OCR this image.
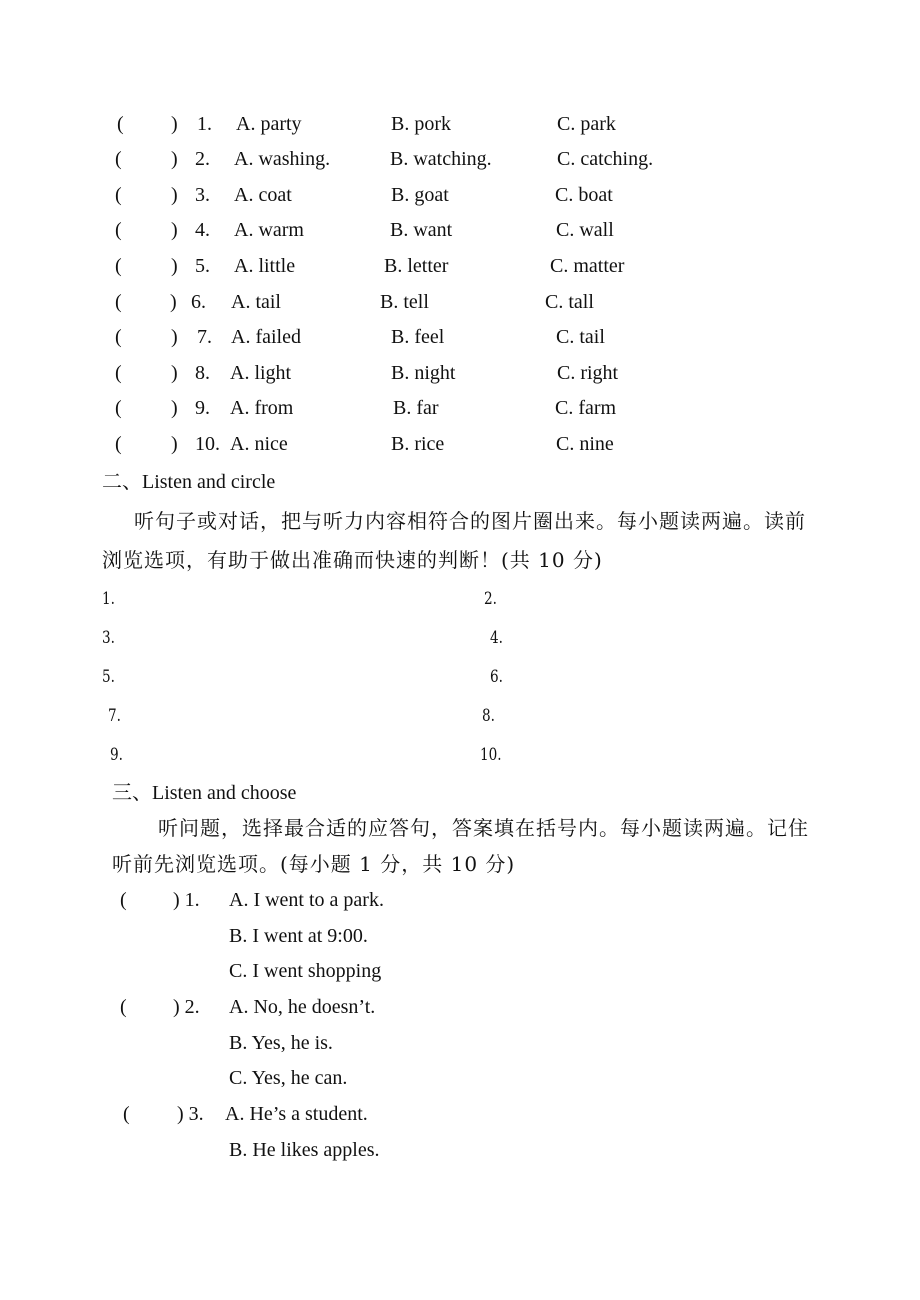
( ) 1. A. party	B. pork	C. park
( ) 2. A. washing.	B. watching.	C. catching.
( ) 3. A. coat	B. goat	C. boat
( ) 4. A. warm	B. want	C. wall
( ) 5. A. little	B. letter	C. matter
( ) 6. A. tail	B. tell	C. tall
( ) 7. A. failed	B. feel	C. tail
( ) 8. A. light	B. night	C. right
( ) 9. A. from	B. far	C. farm
( ) 10. A. nice	B. rice	C. nine
二、Listen and circle
听句子或对话，把与听力内容相符合的图片圈出来。每小题读两遍。读前
浏览选项，有助于做出准确而快速的判断！(共 10 分)
1.	2.
3.	4.
5.	6.
7.	8.
9.	10.
三、Listen and choose
听问题，选择最合适的应答句，答案填在括号内。每小题读两遍。记住
听前先浏览选项。(每小题 1 分，共 10 分)
( ) 1. A. I went to a park.
B. I went at 9:00.
C. I went shopping
( ) 2. A. No, he doesn’t.
B. Yes, he is.
C. Yes, he can.
( ) 3. A. He’s a student.
B. He likes apples.
